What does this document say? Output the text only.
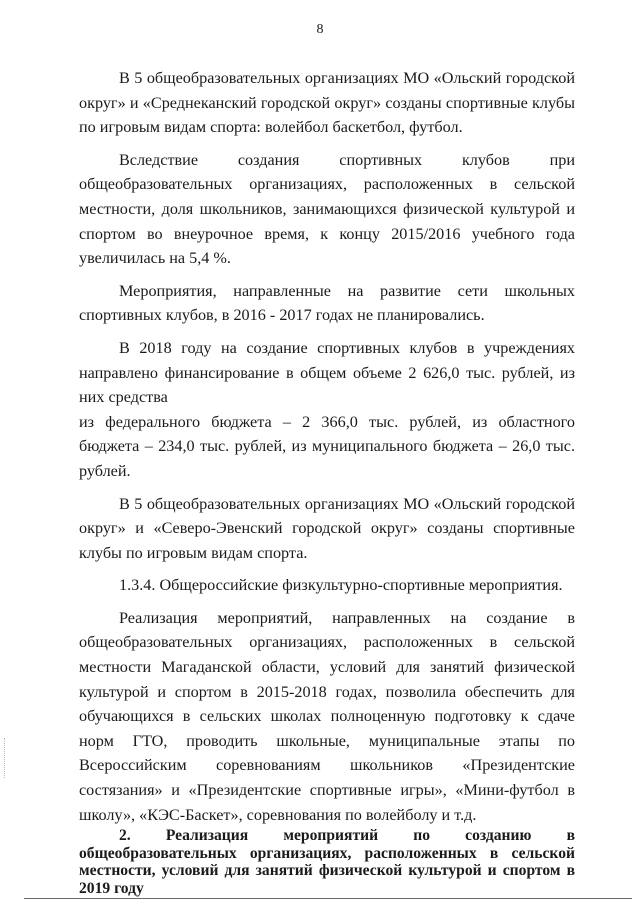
8

В 5 общеобразовательных организациях МО «Ольский городской округ» и «Среднеканский городской округ» созданы спортивные клубы по игровым видам спорта: волейбол баскетбол, футбол.

Вследствие создания спортивных клубов при общеобразовательных организациях, расположенных в сельской местности, доля школьников, занимающихся физической культурой и спортом во внеурочное время, к концу 2015/2016 учебного года увеличилась на 5,4 %.

Мероприятия, направленные на развитие сети школьных спортивных клубов, в 2016 - 2017 годах не планировались.

В 2018 году на создание спортивных клубов в учреждениях направлено финансирование в общем объеме 2 626,0 тыс. рублей, из них средства

из федерального бюджета – 2 366,0 тыс. рублей, из областного бюджета – 234,0 тыс. рублей, из муниципального бюджета – 26,0 тыс. рублей.

В 5 общеобразовательных организациях МО «Ольский городской округ» и «Северо-Эвенский городской округ» созданы спортивные клубы по игровым видам спорта.

1.3.4. Общероссийские физкультурно-спортивные мероприятия.

Реализация мероприятий, направленных на создание в общеобразовательных организациях, расположенных в сельской местности Магаданской области, условий для занятий физической культурой и спортом в 2015-2018 годах, позволила обеспечить для обучающихся в сельских школах полноценную подготовку к сдаче норм ГТО, проводить школьные, муниципальные этапы по Всероссийским соревнованиям школьников «Президентские состязания» и «Президентские спортивные игры», «Мини-футбол в школу», «КЭС-Баскет», соревнования по волейболу и т.д.

2. Реализация мероприятий по созданию в общеобразовательных организациях, расположенных в сельской местности, условий для занятий физической культурой и спортом в 2019 году
